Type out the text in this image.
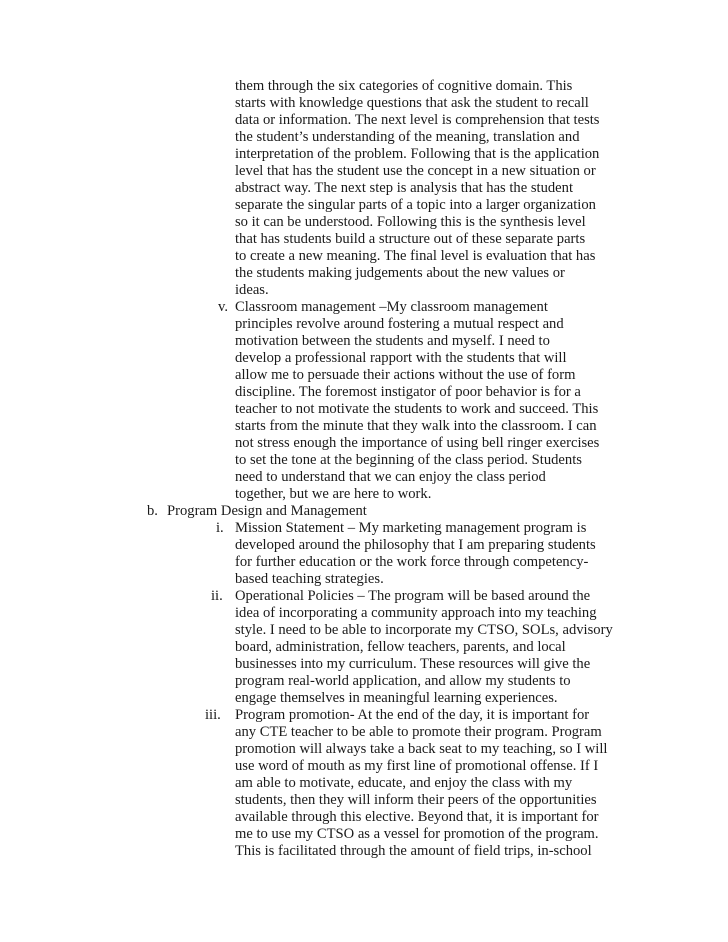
them through the six categories of cognitive domain. This
starts with knowledge questions that ask the student to recall
data or information. The next level is comprehension that tests
the student’s understanding of the meaning, translation and
interpretation of the problem. Following that is the application
level that has the student use the concept in a new situation or
abstract way. The next step is analysis that has the student
separate the singular parts of a topic into a larger organization
so it can be understood. Following this is the synthesis level
that has students build a structure out of these separate parts
to create a new meaning. The final level is evaluation that has
the students making judgements about the new values or
ideas.
v. Classroom management –My classroom management
principles revolve around fostering a mutual respect and
motivation between the students and myself. I need to
develop a professional rapport with the students that will
allow me to persuade their actions without the use of form
discipline. The foremost instigator of poor behavior is for a
teacher to not motivate the students to work and succeed. This
starts from the minute that they walk into the classroom. I can
not stress enough the importance of using bell ringer exercises
to set the tone at the beginning of the class period. Students
need to understand that we can enjoy the class period
together, but we are here to work.
b. Program Design and Management
i. Mission Statement – My marketing management program is
developed around the philosophy that I am preparing students
for further education or the work force through competency-
based teaching strategies.
ii. Operational Policies – The program will be based around the
idea of incorporating a community approach into my teaching
style. I need to be able to incorporate my CTSO, SOLs, advisory
board, administration, fellow teachers, parents, and local
businesses into my curriculum. These resources will give the
program real-world application, and allow my students to
engage themselves in meaningful learning experiences.
iii. Program promotion- At the end of the day, it is important for
any CTE teacher to be able to promote their program. Program
promotion will always take a back seat to my teaching, so I will
use word of mouth as my first line of promotional offense. If I
am able to motivate, educate, and enjoy the class with my
students, then they will inform their peers of the opportunities
available through this elective. Beyond that, it is important for
me to use my CTSO as a vessel for promotion of the program.
This is facilitated through the amount of field trips, in-school
